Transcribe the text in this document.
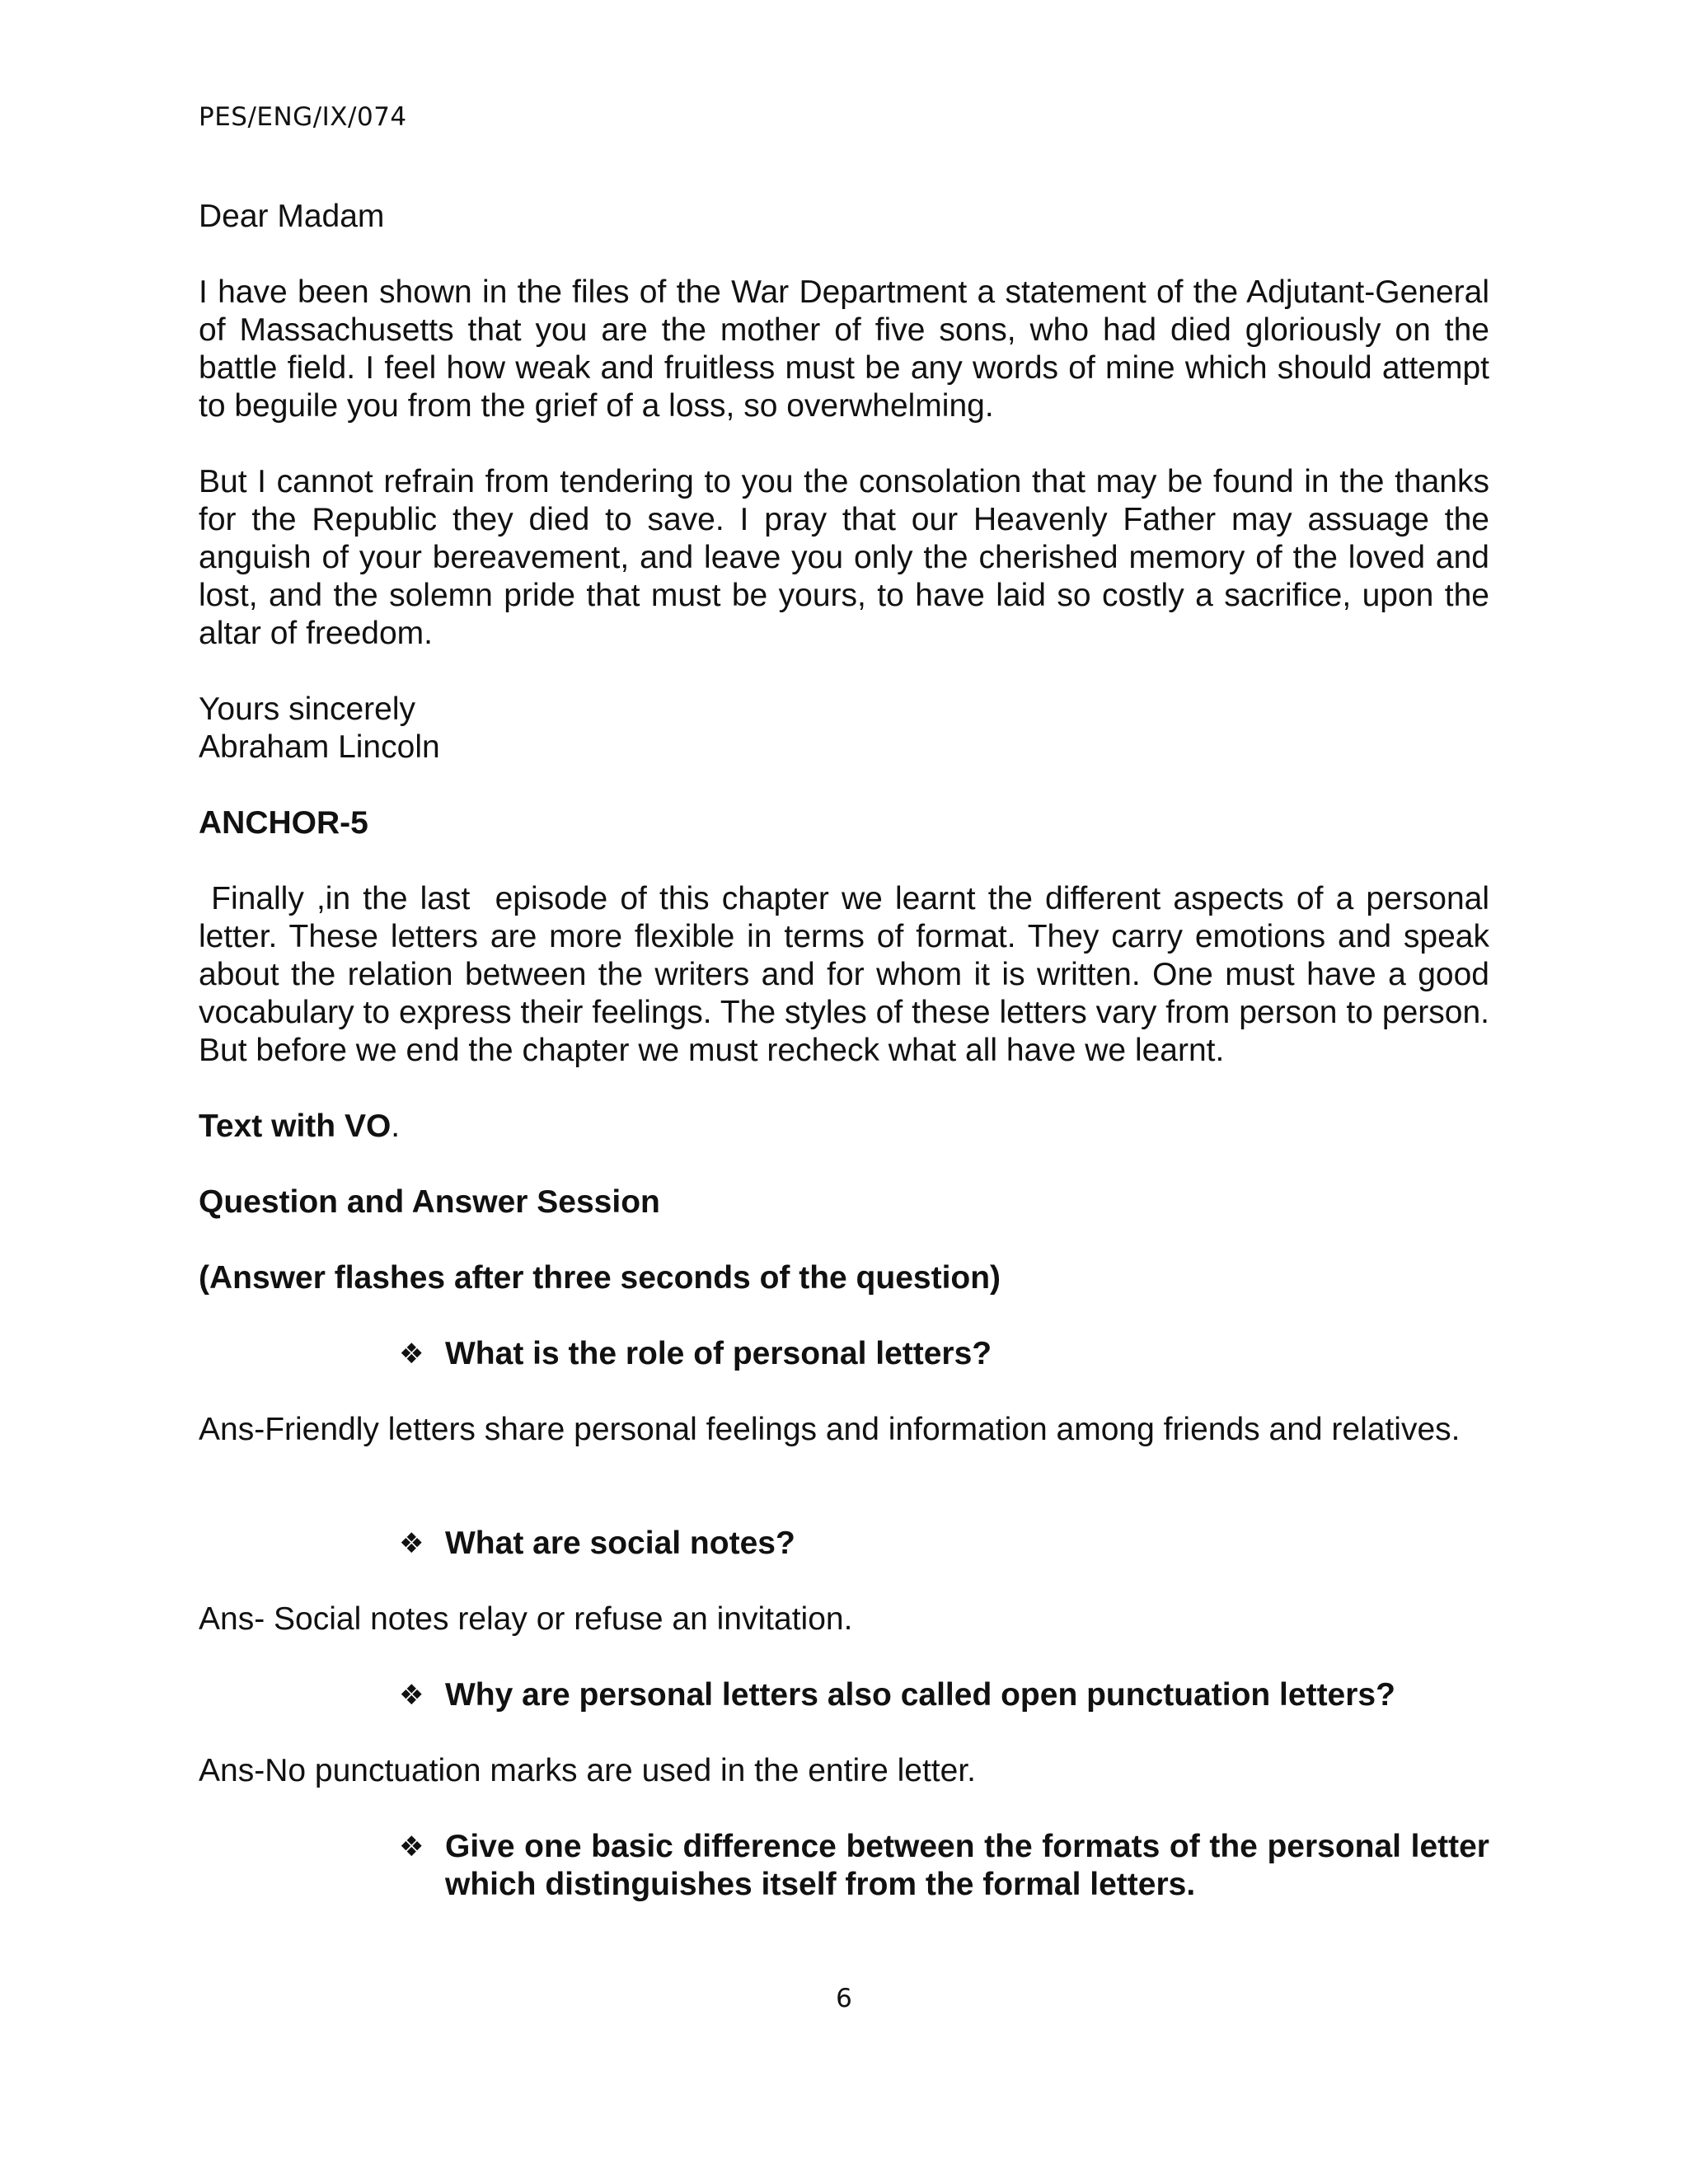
PES/ENG/IX/074
Dear Madam
I have been shown in the files of the War Department a statement of the Adjutant-General of Massachusetts that you are the mother of five sons, who had died gloriously on the battle field. I feel how weak and fruitless must be any words of mine which should attempt to beguile you from the grief of a loss, so overwhelming.
But I cannot refrain from tendering to you the consolation that may be found in the thanks for the Republic they died to save. I pray that our Heavenly Father may assuage the anguish of your bereavement, and leave you only the cherished memory of the loved and lost, and the solemn pride that must be yours, to have laid so costly a sacrifice, upon the altar of freedom.
Yours sincerely
Abraham Lincoln
ANCHOR-5
Finally ,in the last  episode of this chapter we learnt the different aspects of a personal letter. These letters are more flexible in terms of format. They carry emotions and speak about the relation between the writers and for whom it is written. One must have a good vocabulary to express their feelings. The styles of these letters vary from person to person. But before we end the chapter we must recheck what all have we learnt.
Text with VO.
Question and Answer Session
(Answer flashes after three seconds of the question)
❖ What is the role of personal letters?
Ans-Friendly letters share personal feelings and information among friends and relatives.
❖ What are social notes?
Ans- Social notes relay or refuse an invitation.
❖ Why are personal letters also called open punctuation letters?
Ans-No punctuation marks are used in the entire letter.
❖ Give one basic difference between the formats of the personal letter which distinguishes itself from the formal letters.
6
